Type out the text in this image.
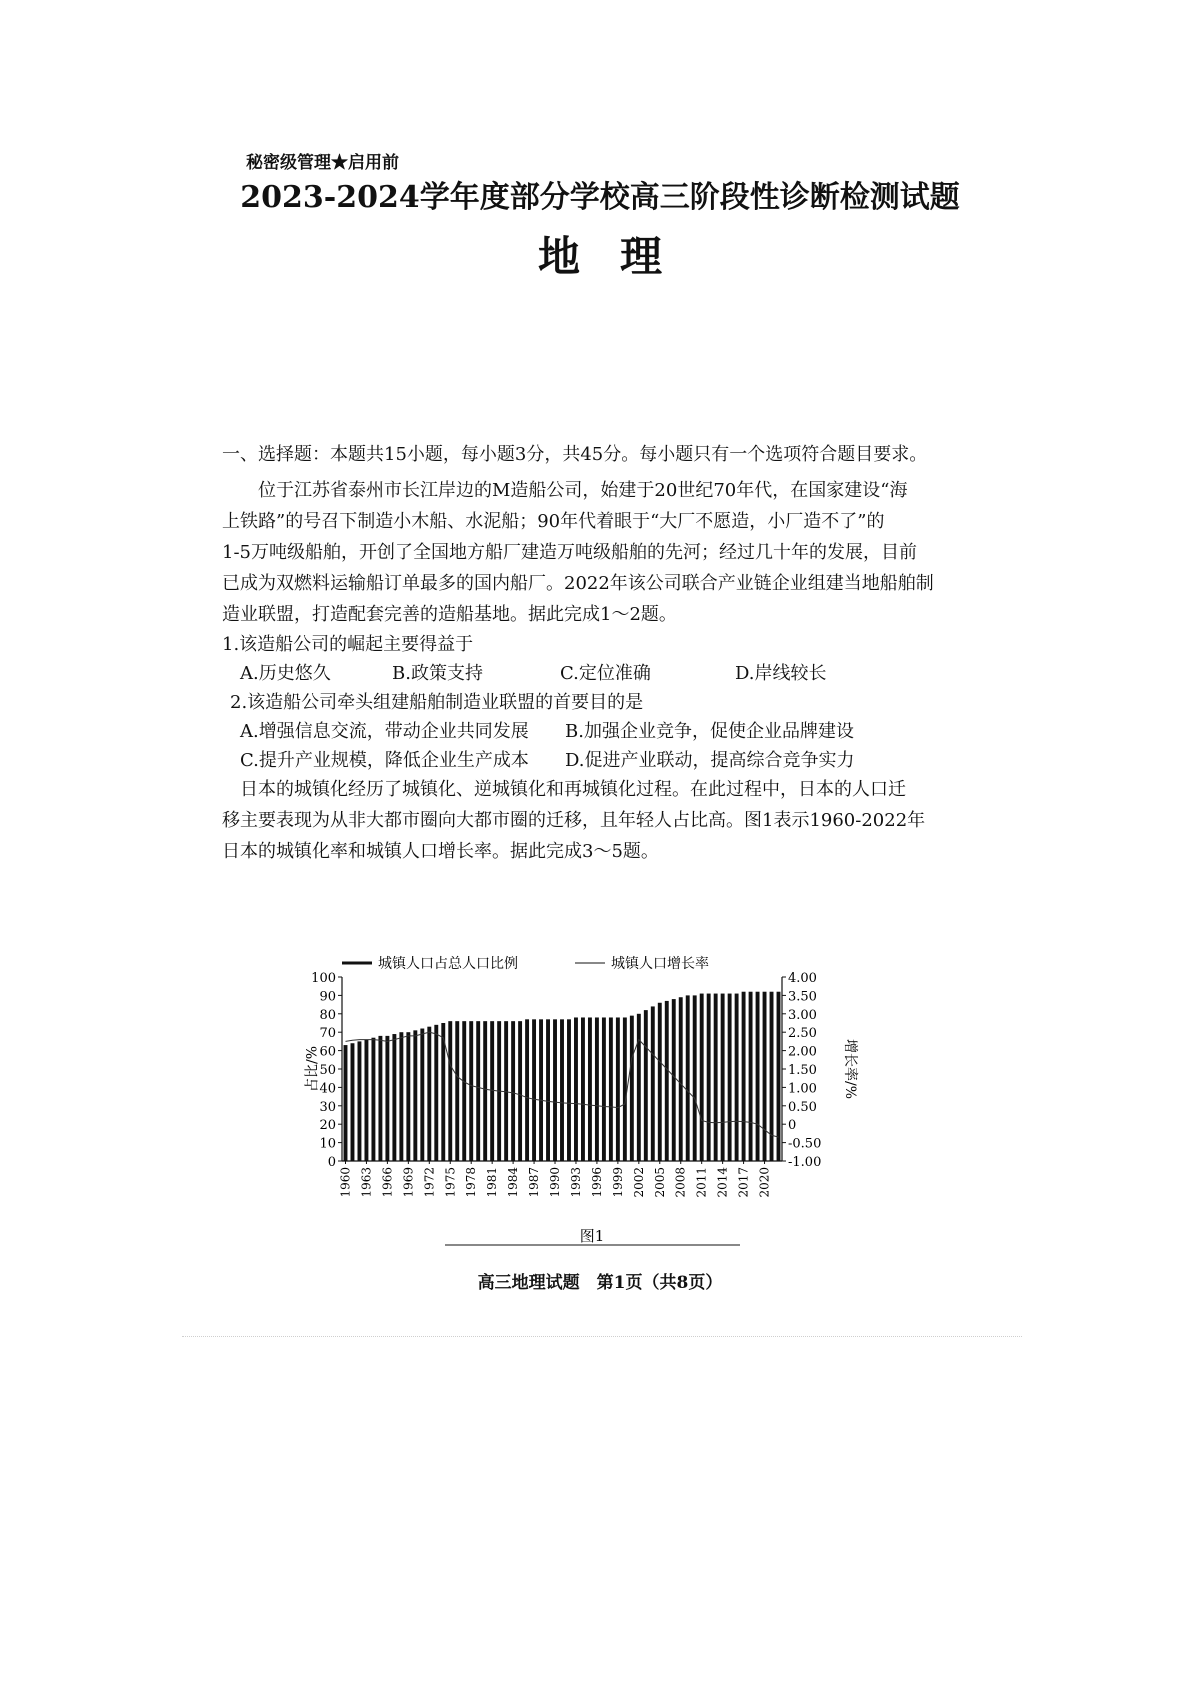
秘密级管理★启用前
2023-2024学年度部分学校高三阶段性诊断检测试题
地理
一、选择题：本题共15小题，每小题3分，共45分。每小题只有一个选项符合题目要求。
位于江苏省泰州市长江岸边的M造船公司，始建于20世纪70年代，在国家建设“海
上铁路”的号召下制造小木船、水泥船；90年代着眼于“大厂不愿造，小厂造不了”的
1-5万吨级船舶，开创了全国地方船厂建造万吨级船舶的先河；经过几十年的发展，目前
已成为双燃料运输船订单最多的国内船厂。2022年该公司联合产业链企业组建当地船舶制
造业联盟，打造配套完善的造船基地。据此完成1～2题。
1.该造船公司的崛起主要得益于
A.历史悠久	B.政策支持	C.定位准确	D.岸线较长
2.该造船公司牵头组建船舶制造业联盟的首要目的是
A.增强信息交流，带动企业共同发展 B.加强企业竞争，促使企业品牌建设
C.提升产业规模，降低企业生产成本 D.促进产业联动，提高综合竞争实力
日本的城镇化经历了城镇化、逆城镇化和再城镇化过程。在此过程中，日本的人口迁
移主要表现为从非大都市圈向大都市圈的迁移，且年轻人占比高。图1表示1960-2022年
日本的城镇化率和城镇人口增长率。据此完成3～5题。
城镇人口占总人口比例	城镇人口增长率
占比/%	增长率/%
0
10
20
30
40
50
60
70
80
90
100
-1.00
-0.50
0
0.50
1.00
1.50
2.00
2.50
3.00
3.50
4.00
1960 1963 1966 1969 1972 1975 1978 1981 1984 1987 1990 1993 1996 1999 2002 2005 2008 2011 2014 2017 2020
图1
高三地理试题　第1页（共8页）
